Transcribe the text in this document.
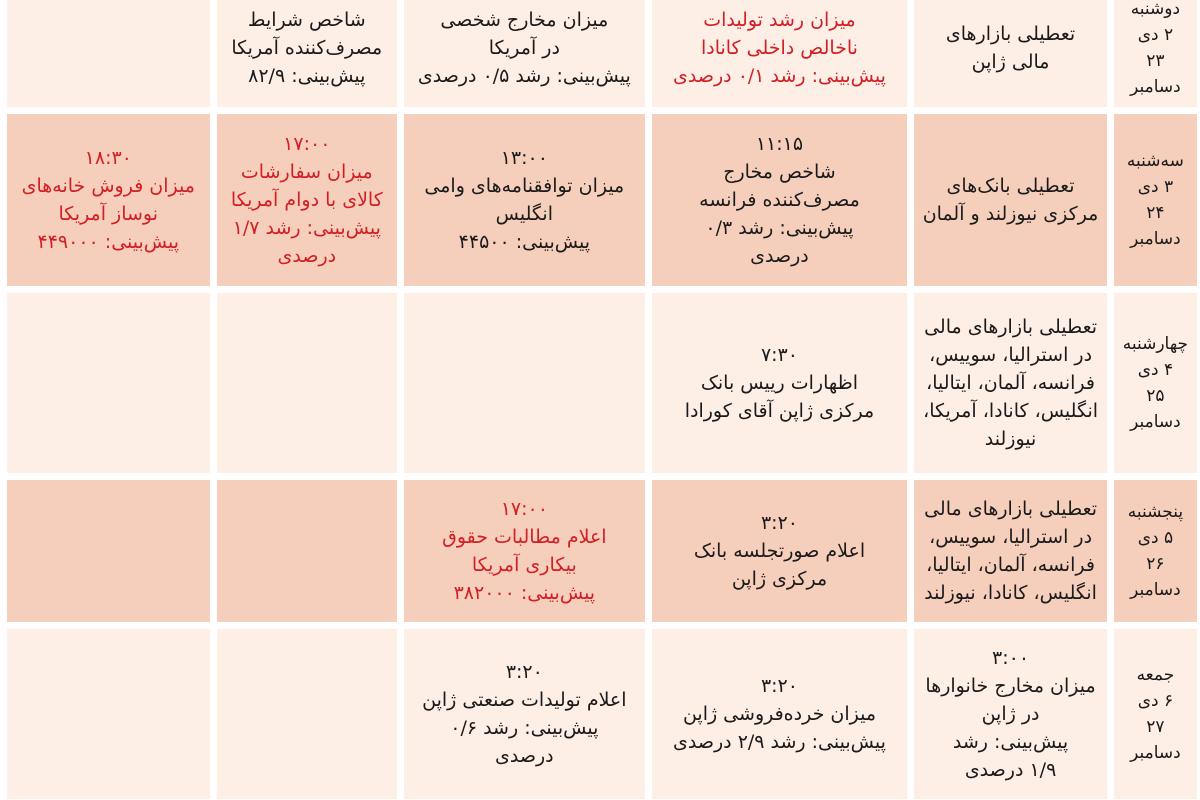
دوشنبه
۲ دی
۲۳
دسامبر	تعطیلی بازارهای
مالی ژاپن	میزان رشد تولیدات
ناخالص داخلی کانادا
پیش‌بینی: رشد ۰/۱ درصدی	میزان مخارج شخصی
در آمریکا
پیش‌بینی: رشد ۰/۵ درصدی	شاخص شرایط
مصرف‌کننده آمریکا
پیش‌بینی: ۸۲/۹	

سه‌شنبه
۳ دی
۲۴
دسامبر	تعطیلی بانک‌های
مرکزی نیوزلند و آلمان	۱۱:۱۵
شاخص مخارج
مصرف‌کننده فرانسه
پیش‌بینی: رشد ۰/۳
درصدی	۱۳:۰۰
میزان توافقنامه‌های وامی
انگلیس
پیش‌بینی: ۴۴۵۰۰	۱۷:۰۰
میزان سفارشات
کالای با دوام آمریکا
پیش‌بینی: رشد ۱/۷
درصدی	۱۸:۳۰
میزان فروش خانه‌های
نوساز آمریکا
پیش‌بینی: ۴۴۹۰۰۰

چهارشنبه
۴ دی
۲۵
دسامبر	تعطیلی بازارهای مالی
در استرالیا، سوییس،
فرانسه، آلمان، ایتالیا،
انگلیس، کانادا، آمریکا،
نیوزلند	۷:۳۰
اظهارات رییس بانک
مرکزی ژاپن آقای کورادا			

پنجشنبه
۵ دی
۲۶
دسامبر	تعطیلی بازارهای مالی
در استرالیا، سوییس،
فرانسه، آلمان، ایتالیا،
انگلیس، کانادا، نیوزلند	۳:۲۰
اعلام صورتجلسه بانک
مرکزی ژاپن	۱۷:۰۰
اعلام مطالبات حقوق
بیکاری آمریکا
پیش‌بینی: ۳۸۲۰۰۰		

جمعه
۶ دی
۲۷
دسامبر	۳:۰۰
میزان مخارج خانوارها
در ژاپن
پیش‌بینی: رشد
۱/۹ درصدی	۳:۲۰
میزان خرده‌فروشی ژاپن
پیش‌بینی: رشد ۲/۹ درصدی	۳:۲۰
اعلام تولیدات صنعتی ژاپن
پیش‌بینی: رشد ۰/۶
درصدی		
